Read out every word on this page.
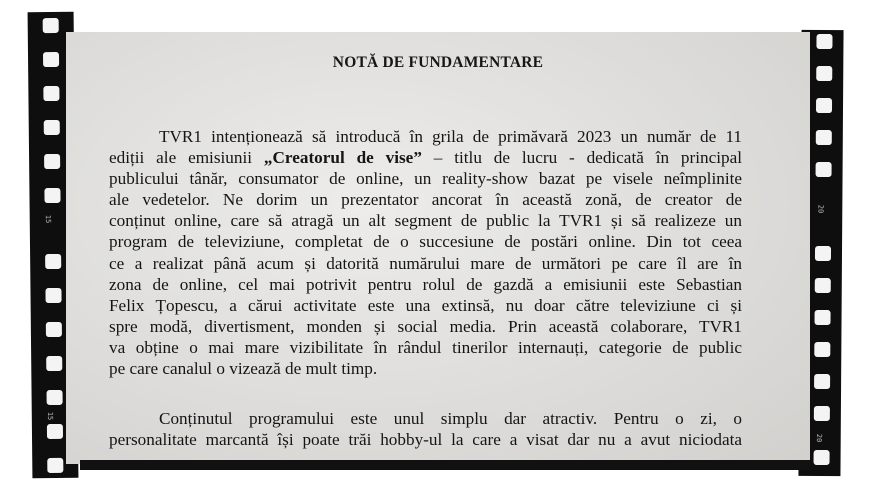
15
15
20
20
NOTĂ DE FUNDAMENTARE
TVR1 intenționează să introducă în grila de primăvară 2023 un număr de 11
ediții ale emisiunii „Creatorul de vise” – titlu de lucru - dedicată în principal
publicului tânăr, consumator de online, un reality-show bazat pe visele neîmplinite
ale vedetelor. Ne dorim un prezentator ancorat în această zonă, de creator de
conținut online, care să atragă un alt segment de public la TVR1 și să realizeze un
program de televiziune, completat de o succesiune de postări online. Din tot ceea
ce a realizat până acum și datorită numărului mare de următori pe care îl are în
zona de online, cel mai potrivit pentru rolul de gazdă a emisiunii este Sebastian
Felix Țopescu, a cărui activitate este una extinsă, nu doar către televiziune ci și
spre modă, divertisment, monden și social media. Prin această colaborare, TVR1
va obține o mai mare vizibilitate în rândul tinerilor internauți, categorie de public
pe care canalul o vizează de mult timp.
Conținutul programului este unul simplu dar atractiv. Pentru o zi, o
personalitate marcantă își poate trăi hobby-ul la care a visat dar nu a avut niciodata
